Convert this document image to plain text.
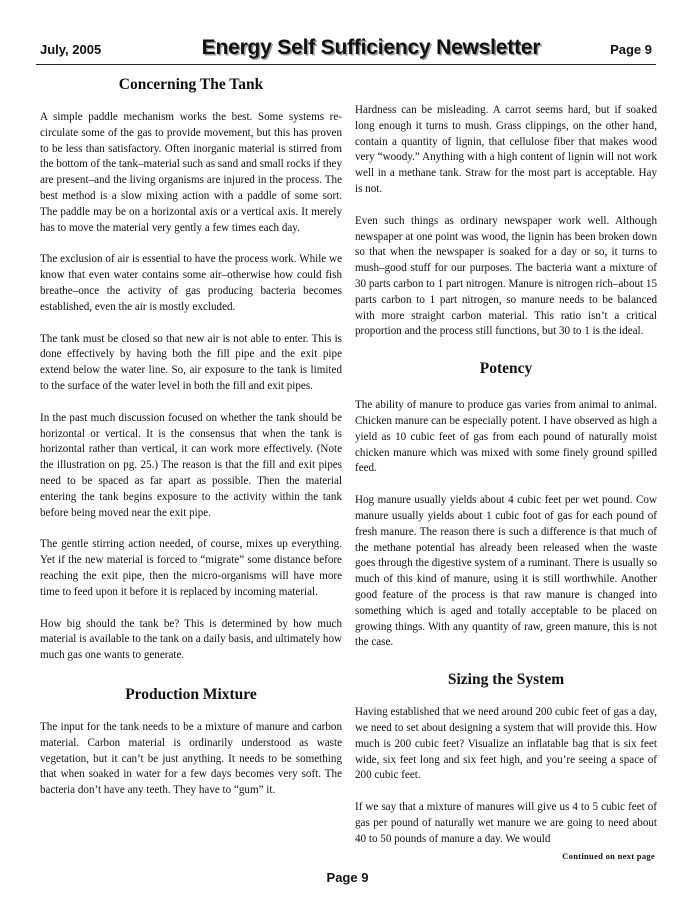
July, 2005	Energy Self Sufficiency Newsletter	Page 9
Concerning The Tank

A simple paddle mechanism works the best. Some systems re-circulate some of the gas to provide movement, but this has proven to be less than satisfactory. Often inorganic material is stirred from the bottom of the tank–material such as sand and small rocks if they are present–and the living organisms are injured in the process. The best method is a slow mixing action with a paddle of some sort. The paddle may be on a horizontal axis or a vertical axis. It merely has to move the material very gently a few times each day.

The exclusion of air is essential to have the process work. While we know that even water contains some air–otherwise how could fish breathe–once the activity of gas producing bacteria becomes established, even the air is mostly excluded.

The tank must be closed so that new air is not able to enter. This is done effectively by having both the fill pipe and the exit pipe extend below the water line. So, air exposure to the tank is limited to the surface of the water level in both the fill and exit pipes.

In the past much discussion focused on whether the tank should be horizontal or vertical. It is the consensus that when the tank is horizontal rather than vertical, it can work more effectively. (Note the illustration on pg. 25.) The reason is that the fill and exit pipes need to be spaced as far apart as possible. Then the material entering the tank begins exposure to the activity within the tank before being moved near the exit pipe.

The gentle stirring action needed, of course, mixes up everything. Yet if the new material is forced to “migrate” some distance before reaching the exit pipe, then the micro-organisms will have more time to feed upon it before it is replaced by incoming material.

How big should the tank be? This is determined by how much material is available to the tank on a daily basis, and ultimately how much gas one wants to generate.

Production Mixture

The input for the tank needs to be a mixture of manure and carbon material. Carbon material is ordinarily understood as waste vegetation, but it can’t be just anything. It needs to be something that when soaked in water for a few days becomes very soft. The bacteria don’t have any teeth. They have to “gum” it.

Hardness can be misleading. A carrot seems hard, but if soaked long enough it turns to mush. Grass clippings, on the other hand, contain a quantity of lignin, that cellulose fiber that makes wood very “woody.” Anything with a high content of lignin will not work well in a methane tank. Straw for the most part is acceptable. Hay is not.

Even such things as ordinary newspaper work well. Although newspaper at one point was wood, the lignin has been broken down so that when the newspaper is soaked for a day or so, it turns to mush–good stuff for our purposes. The bacteria want a mixture of 30 parts carbon to 1 part nitrogen. Manure is nitrogen rich–about 15 parts carbon to 1 part nitrogen, so manure needs to be balanced with more straight carbon material. This ratio isn’t a critical proportion and the process still functions, but 30 to 1 is the ideal.

Potency

The ability of manure to produce gas varies from animal to animal. Chicken manure can be especially potent. I have observed as high a yield as 10 cubic feet of gas from each pound of naturally moist chicken manure which was mixed with some finely ground spilled feed.

Hog manure usually yields about 4 cubic feet per wet pound. Cow manure usually yields about 1 cubic foot of gas for each pound of fresh manure. The reason there is such a difference is that much of the methane potential has already been released when the waste goes through the digestive system of a ruminant. There is usually so much of this kind of manure, using it is still worthwhile. Another good feature of the process is that raw manure is changed into something which is aged and totally acceptable to be placed on growing things. With any quantity of raw, green manure, this is not the case.

Sizing the System

Having established that we need around 200 cubic feet of gas a day, we need to set about designing a system that will provide this. How much is 200 cubic feet? Visualize an inflatable bag that is six feet wide, six feet long and six feet high, and you’re seeing a space of 200 cubic feet.

If we say that a mixture of manures will give us 4 to 5 cubic feet of gas per pound of naturally wet manure we are going to need about 40 to 50 pounds of manure a day. We would

Continued on next page
Page 9
